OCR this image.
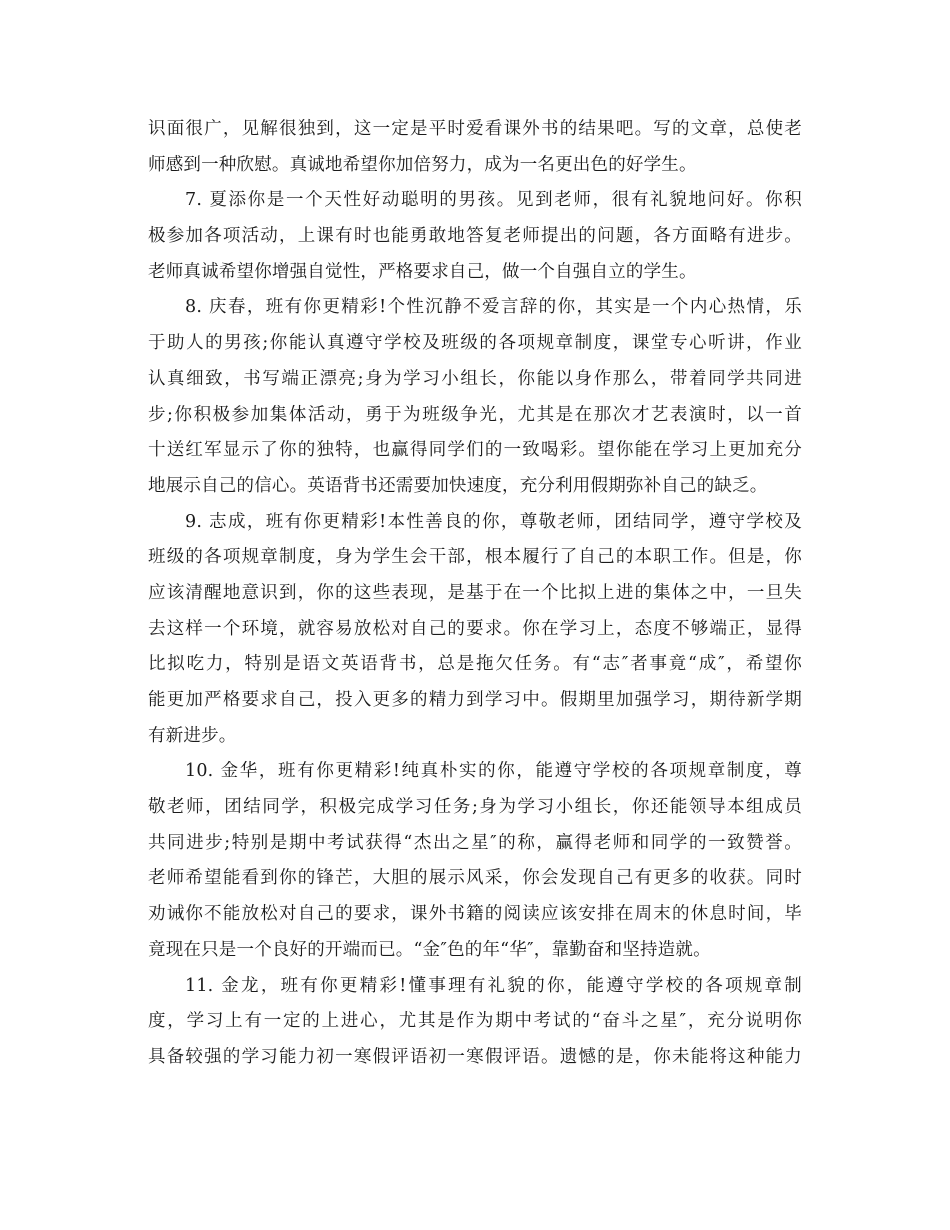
识面很广，见解很独到，这一定是平时爱看课外书的结果吧。写的文章，总使老
师感到一种欣慰。真诚地希望你加倍努力，成为一名更出色的好学生。
7. 夏添你是一个天性好动聪明的男孩。见到老师，很有礼貌地问好。你积
极参加各项活动，上课有时也能勇敢地答复老师提出的问题，各方面略有进步。
老师真诚希望你增强自觉性，严格要求自己，做一个自强自立的学生。
8. 庆春，班有你更精彩!个性沉静不爱言辞的你，其实是一个内心热情，乐
于助人的男孩;你能认真遵守学校及班级的各项规章制度，课堂专心听讲，作业
认真细致，书写端正漂亮;身为学习小组长，你能以身作那么，带着同学共同进
步;你积极参加集体活动，勇于为班级争光，尤其是在那次才艺表演时，以一首
十送红军显示了你的独特，也赢得同学们的一致喝彩。望你能在学习上更加充分
地展示自己的信心。英语背书还需要加快速度，充分利用假期弥补自己的缺乏。
9. 志成，班有你更精彩!本性善良的你，尊敬老师，团结同学，遵守学校及
班级的各项规章制度，身为学生会干部，根本履行了自己的本职工作。但是，你
应该清醒地意识到，你的这些表现，是基于在一个比拟上进的集体之中，一旦失
去这样一个环境，就容易放松对自己的要求。你在学习上，态度不够端正，显得
比拟吃力，特别是语文英语背书，总是拖欠任务。有“志″者事竟“成″，希望你
能更加严格要求自己，投入更多的精力到学习中。假期里加强学习，期待新学期
有新进步。
10. 金华，班有你更精彩!纯真朴实的你，能遵守学校的各项规章制度，尊
敬老师，团结同学，积极完成学习任务;身为学习小组长，你还能领导本组成员
共同进步;特别是期中考试获得“杰出之星″的称，赢得老师和同学的一致赞誉。
老师希望能看到你的锋芒，大胆的展示风采，你会发现自己有更多的收获。同时
劝诫你不能放松对自己的要求，课外书籍的阅读应该安排在周末的休息时间，毕
竟现在只是一个良好的开端而已。“金″色的年“华″，靠勤奋和坚持造就。
11. 金龙，班有你更精彩!懂事理有礼貌的你，能遵守学校的各项规章制
度，学习上有一定的上进心，尤其是作为期中考试的“奋斗之星″，充分说明你
具备较强的学习能力初一寒假评语初一寒假评语。遗憾的是，你未能将这种能力
